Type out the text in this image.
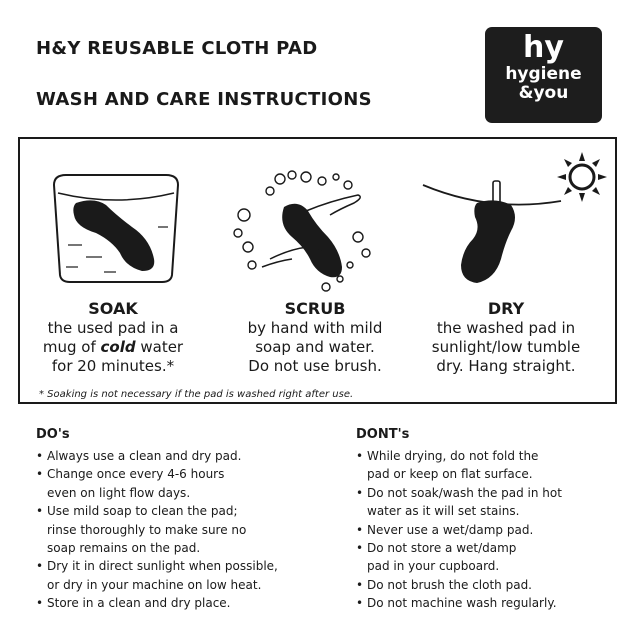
H&Y REUSABLE CLOTH PAD
WASH AND CARE INSTRUCTIONS
hy
hygiene
&you
SOAK
the used pad in a
mug of cold water
for 20 minutes.*
SCRUB
by hand with mild
soap and water.
Do not use brush.
DRY
the washed pad in
sunlight/low tumble
dry. Hang straight.
* Soaking is not necessary if the pad is washed right after use.
DO's
• Always use a clean and dry pad.
• Change once every 4-6 hours
even on light flow days.
• Use mild soap to clean the pad;
rinse thoroughly to make sure no
soap remains on the pad.
• Dry it in direct sunlight when possible,
or dry in your machine on low heat.
• Store in a clean and dry place.
DONT's
• While drying, do not fold the
pad or keep on flat surface.
• Do not soak/wash the pad in hot
water as it will set stains.
• Never use a wet/damp pad.
• Do not store a wet/damp
pad in your cupboard.
• Do not brush the cloth pad.
• Do not machine wash regularly.
